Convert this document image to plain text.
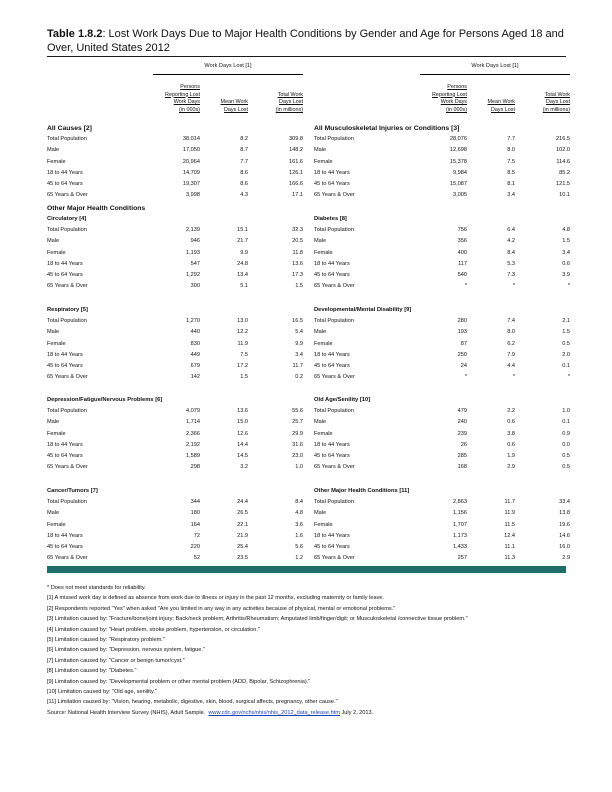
Table 1.8.2: Lost Work Days Due to Major Health Conditions by Gender and Age for Persons Aged 18 and Over, United States 2012
Work Days Lost [1]
Persons
Reporting Lost
Work Days
(in 000s)
Mean Work
Days Lost
Total Work
Days Lost
(in millions)
All Causes [2]
Total Population	38,014	8.2	309.8
Male	17,050	8.7	148.2
Female	20,964	7.7	161.6
18 to 44 Years	14,709	8.6	126.1
45 to 64 Years	19,307	8.6	166.6
65 Years & Over	3,998	4.3	17.1
Other Major Health Conditions
Circulatory [4]
Total Population	2,139	15.1	32.3
Male	946	21.7	20.5
Female	1,193	9.9	11.8
18 to 44 Years	547	24.8	13.6
45 to 64 Years	1,292	13.4	17.3
65 Years & Over	300	5.1	1.5
Respiratory [5]
Total Population	1,270	13.0	16.5
Male	440	12.2	5.4
Female	830	11.9	9.9
18 to 44 Years	449	7.5	3.4
45 to 64 Years	679	17.2	11.7
65 Years & Over	142	1.5	0.2
Depression/Fatigue/Nervous Problems [6]
Total Population	4,079	13.6	55.6
Male	1,714	15.0	25.7
Female	2,366	12.6	29.9
18 to 44 Years	2,192	14.4	31.6
45 to 64 Years	1,589	14.5	23.0
65 Years & Over	298	3.2	1.0
Cancer/Tumors [7]
Total Population	344	24.4	8.4
Male	180	26.5	4.8
Female	164	22.1	3.6
18 to 44 Years	72	21.9	1.6
45 to 64 Years	220	25.4	5.6
65 Years & Over	52	23.5	1.2
Work Days Lost [1]
Persons
Reporting Lost
Work Days
(in 000s)
Mean Work
Days Lost
Total Work
Days Lost
(in millions)
All Musculoskeletal Injuries or Conditions [3]
Total Population	28,076	7.7	216.5
Male	12,698	8.0	102.0
Female	15,378	7.5	114.6
18 to 44 Years	9,984	8.5	85.2
45 to 64 Years	15,087	8.1	121.5
65 Years & Over	3,005	3.4	10.1
Diabetes [8]
Total Population	756	6.4	4.8
Male	356	4.2	1.5
Female	400	8.4	3.4
18 to 44 Years	117	5.3	0.6
45 to 64 Years	540	7.3	3.9
65 Years & Over	*	*	*
Developmental/Mental Disability [9]
Total Population	280	7.4	2.1
Male	193	8.0	1.5
Female	87	6.2	0.5
18 to 44 Years	250	7.9	2.0
45 to 64 Years	24	4.4	0.1
65 Years & Over	*	*	*
Old Age/Senility [10]
Total Population	479	2.2	1.0
Male	240	0.6	0.1
Female	239	3.8	0.9
18 to 44 Years	26	0.6	0.0
45 to 64 Years	285	1.9	0.5
65 Years & Over	168	2.9	0.5
Other Major Health Conditions [11]
Total Population	2,863	11.7	33.4
Male	1,156	11.9	13.8
Female	1,707	11.5	19.6
18 to 44 Years	1,173	12.4	14.6
45 to 64 Years	1,433	11.1	16.0
65 Years & Over	257	11.3	2.9

* Does not meet standards for reliability.

[1] A missed work day is defined as absence from work due to illness or injury in the past 12 months, excluding maternity or family leave.

[2] Respondents reported "Yes" when asked "Are you limited in any way in any activities because of physical, mental or emotional problems."

[3] Limitation caused by: "Fracture/bone/joint injury; Back/neck problem; Arthritis/Rheumatism; Amputated limb/finger/digit; or Musculoskeletal /connective tissue problem."

[4] Limitation caused by: "Heart problem, stroke problem, hypertension, or circulation."

[5] Limitation caused by: "Respiratory problem."

[6] Limitation caused by: "Depression, nervous system, fatigue."

[7] Limitation caused by: "Cancer or benign tumor/cyst."

[8] Limitation caused by: "Diabetes."

[9] Limitation caused by: "Developmental problem or other mental problem (ADD, Bipolar, Schizophrenia)."

[10] Limitation caused by: "Old age, senility."

[11] Limitation caused by: "Vision, hearing, metabolic, digestive, skin, blood, surgical affects, pregnancy, other cause."

Source: National Health Interview Survey (NHIS), Adult Sample. www.cdc.gov/nchs/nhis/nhis_2012_data_release.htm July 2, 2013.
